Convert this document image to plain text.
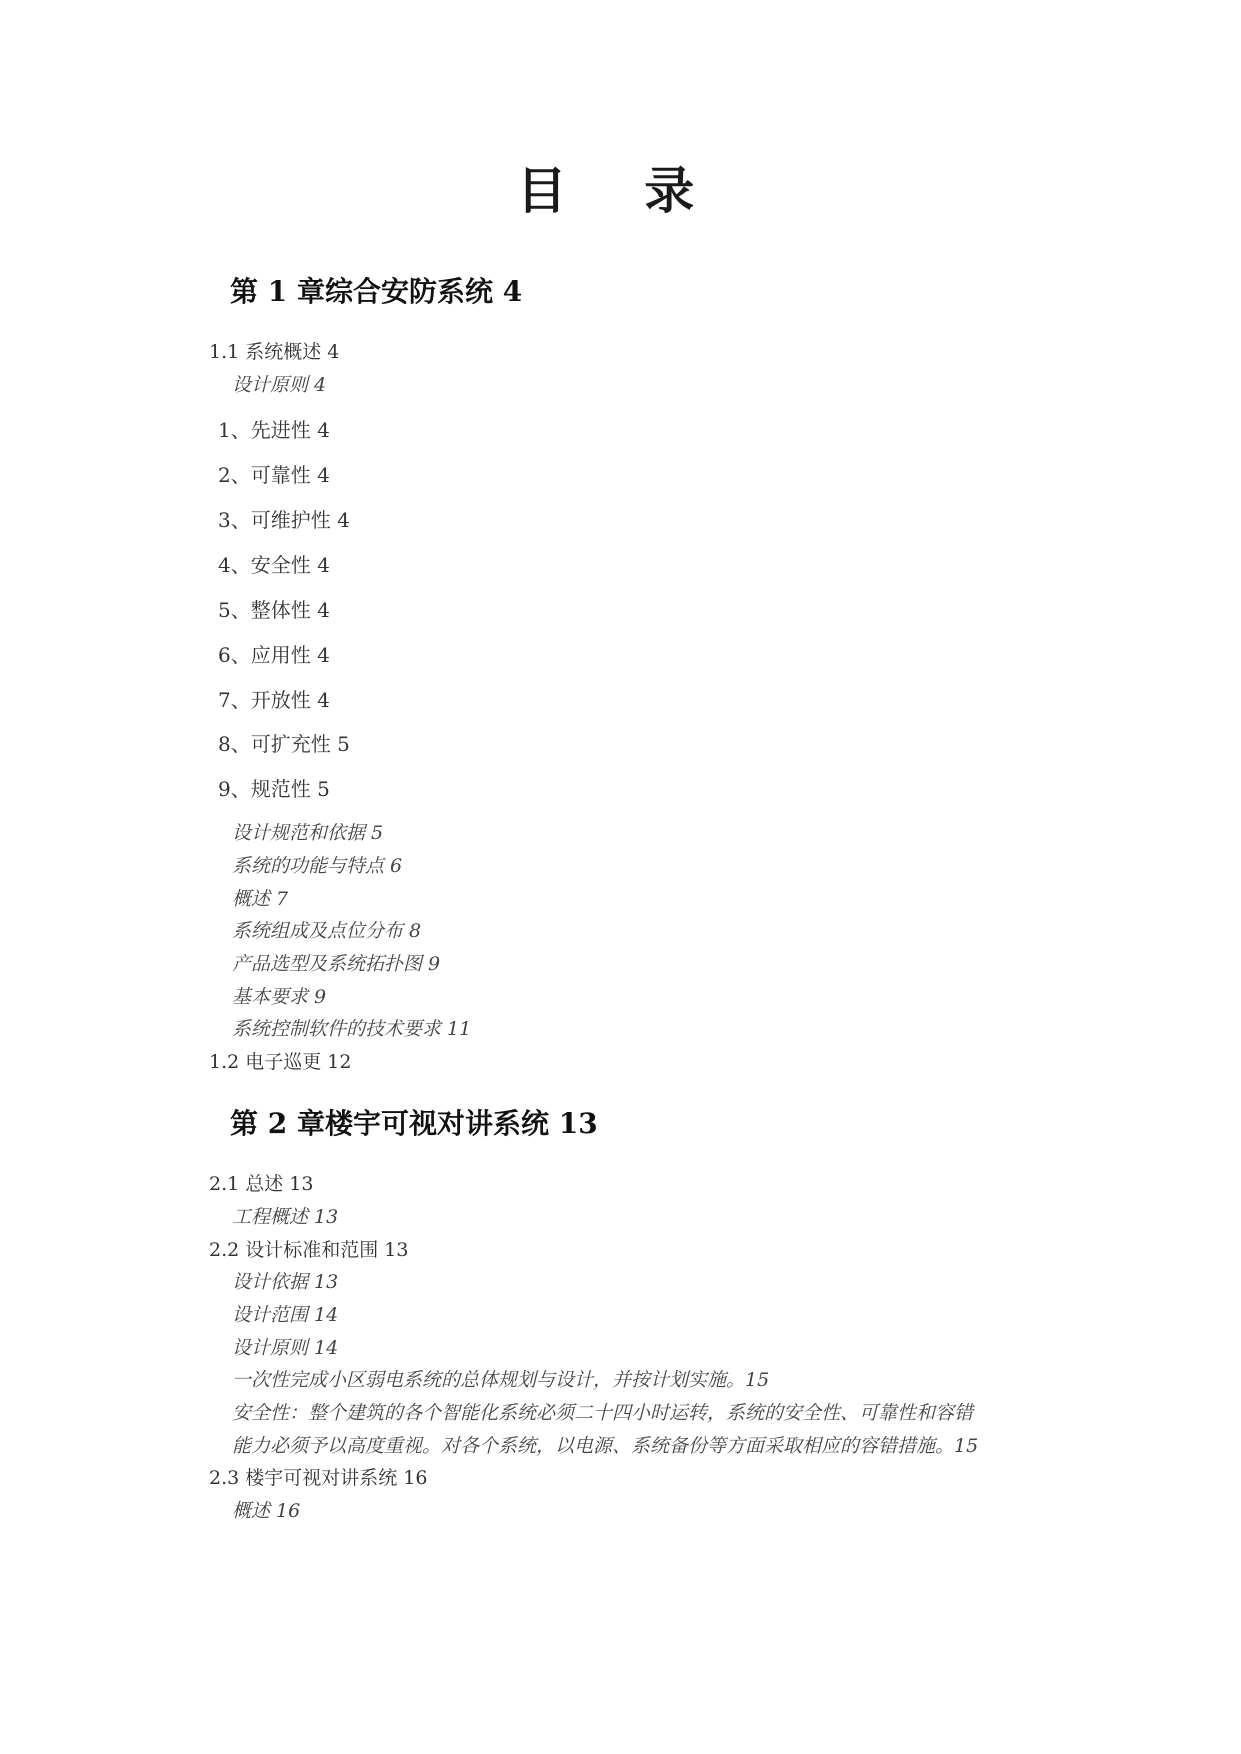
目 录
第 1 章综合安防系统 4
1.1 系统概述 4
设计原则 4
1、先进性 4
2、可靠性 4
3、可维护性 4
4、安全性 4
5、整体性 4
6、应用性 4
7、开放性 4
8、可扩充性 5
9、规范性 5
设计规范和依据 5
系统的功能与特点 6
概述 7
系统组成及点位分布 8
产品选型及系统拓扑图 9
基本要求 9
系统控制软件的技术要求 11
1.2 电子巡更 12
第 2 章楼宇可视对讲系统 13
2.1 总述 13
工程概述 13
2.2 设计标准和范围 13
设计依据 13
设计范围 14
设计原则 14
一次性完成小区弱电系统的总体规划与设计，并按计划实施。15
安全性：整个建筑的各个智能化系统必须二十四小时运转，系统的安全性、可靠性和容错
能力必须予以高度重视。对各个系统，以电源、系统备份等方面采取相应的容错措施。15
2.3 楼宇可视对讲系统 16
概述 16
